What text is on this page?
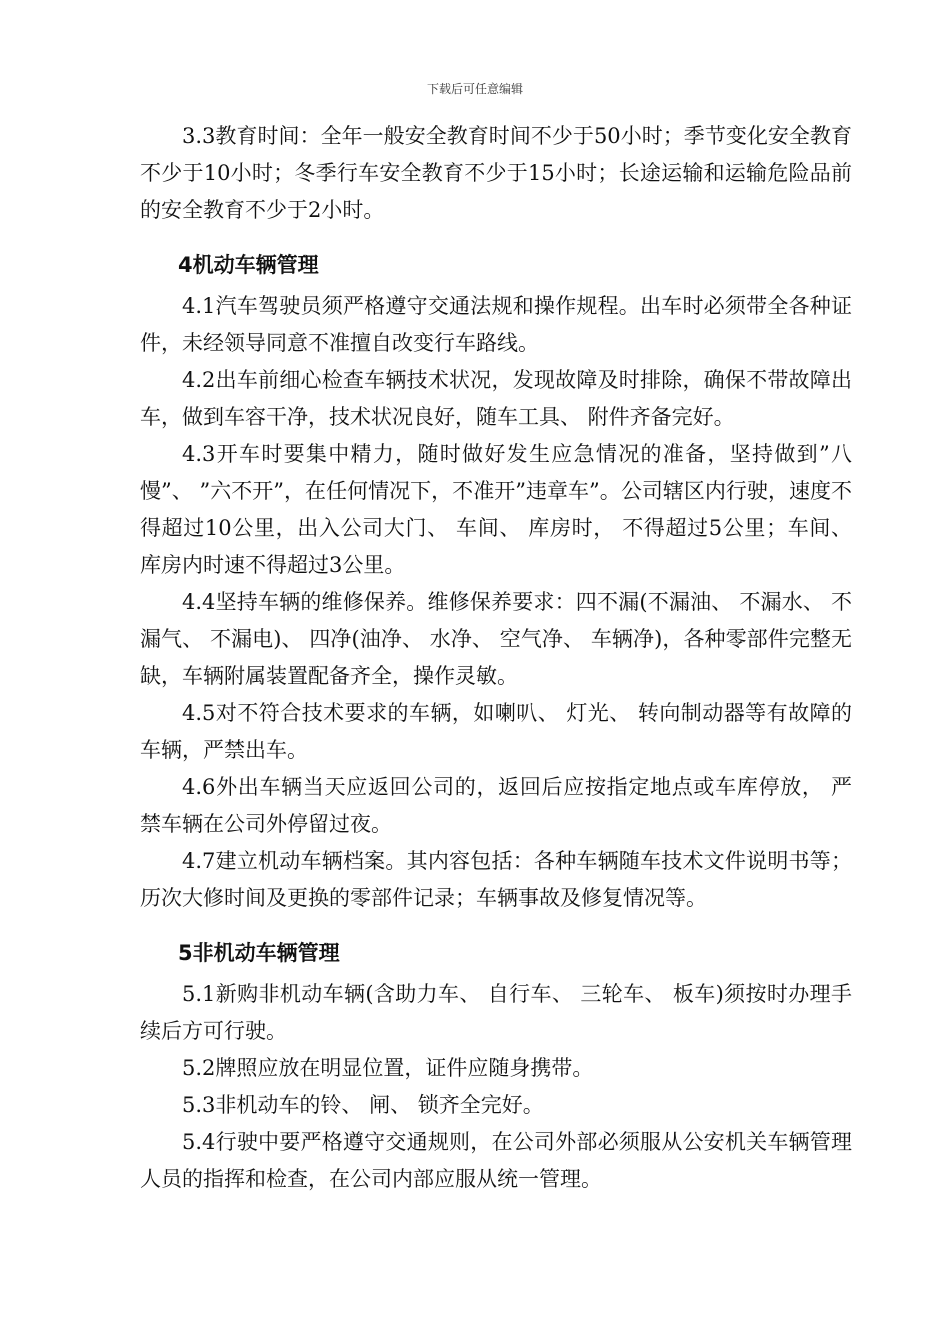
下载后可任意编辑

3.3教育时间：全年一般安全教育时间不少于50小时；季节变化安全教育不少于10小时；冬季行车安全教育不少于15小时；长途运输和运输危险品前的安全教育不少于2小时。

4机动车辆管理

4.1汽车驾驶员须严格遵守交通法规和操作规程。出车时必须带全各种证件，未经领导同意不准擅自改变行车路线。

4.2出车前细心检查车辆技术状况，发现故障及时排除，确保不带故障出车，做到车容干净，技术状况良好，随车工具、 附件齐备完好。

4.3开车时要集中精力，随时做好发生应急情况的准备，坚持做到”八慢”、 ”六不开”，在任何情况下，不准开”违章车”。公司辖区内行驶，速度不得超过10公里，出入公司大门、 车间、 库房时， 不得超过5公里；车间、 库房内时速不得超过3公里。

4.4坚持车辆的维修保养。维修保养要求：四不漏(不漏油、 不漏水、 不漏气、 不漏电)、 四净(油净、 水净、 空气净、 车辆净)，各种零部件完整无缺，车辆附属装置配备齐全，操作灵敏。

4.5对不符合技术要求的车辆，如喇叭、 灯光、 转向制动器等有故障的车辆，严禁出车。

4.6外出车辆当天应返回公司的，返回后应按指定地点或车库停放， 严禁车辆在公司外停留过夜。

4.7建立机动车辆档案。其内容包括：各种车辆随车技术文件说明书等；历次大修时间及更换的零部件记录；车辆事故及修复情况等。

5非机动车辆管理

5.1新购非机动车辆(含助力车、 自行车、 三轮车、 板车)须按时办理手续后方可行驶。

5.2牌照应放在明显位置，证件应随身携带。

5.3非机动车的铃、 闸、 锁齐全完好。

5.4行驶中要严格遵守交通规则，在公司外部必须服从公安机关车辆管理人员的指挥和检查，在公司内部应服从统一管理。
